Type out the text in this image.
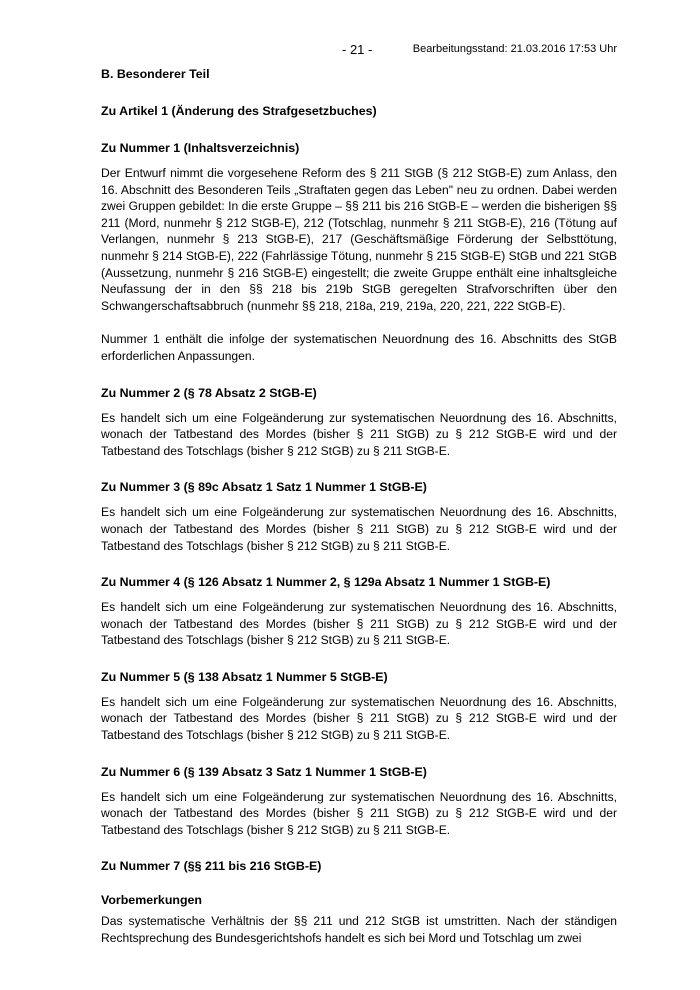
- 21 -	Bearbeitungsstand: 21.03.2016 17:53 Uhr
B. Besonderer Teil
Zu Artikel 1 (Änderung des Strafgesetzbuches)
Zu Nummer 1 (Inhaltsverzeichnis)

Der Entwurf nimmt die vorgesehene Reform des § 211 StGB (§ 212 StGB-E) zum Anlass, den 16. Abschnitt des Besonderen Teils „Straftaten gegen das Leben" neu zu ordnen. Dabei werden zwei Gruppen gebildet: In die erste Gruppe – §§ 211 bis 216 StGB-E – werden die bisherigen §§ 211 (Mord, nunmehr § 212 StGB-E), 212 (Totschlag, nunmehr § 211 StGB-E), 216 (Tötung auf Verlangen, nunmehr § 213 StGB-E), 217 (Geschäftsmäßige Förderung der Selbsttötung, nunmehr § 214 StGB-E), 222 (Fahrlässige Tötung, nunmehr § 215 StGB-E) StGB und 221 StGB (Aussetzung, nunmehr § 216 StGB-E) eingestellt; die zweite Gruppe enthält eine inhaltsgleiche Neufassung der in den §§ 218 bis 219b StGB geregelten Strafvorschriften über den Schwangerschaftsabbruch (nunmehr §§ 218, 218a, 219, 219a, 220, 221, 222 StGB-E).

Nummer 1 enthält die infolge der systematischen Neuordnung des 16. Abschnitts des StGB erforderlichen Anpassungen.

Zu Nummer 2 (§ 78 Absatz 2 StGB-E)

Es handelt sich um eine Folgeänderung zur systematischen Neuordnung des 16. Abschnitts, wonach der Tatbestand des Mordes (bisher § 211 StGB) zu § 212 StGB-E wird und der Tatbestand des Totschlags (bisher § 212 StGB) zu § 211 StGB-E.

Zu Nummer 3 (§ 89c Absatz 1 Satz 1 Nummer 1 StGB-E)

Es handelt sich um eine Folgeänderung zur systematischen Neuordnung des 16. Abschnitts, wonach der Tatbestand des Mordes (bisher § 211 StGB) zu § 212 StGB-E wird und der Tatbestand des Totschlags (bisher § 212 StGB) zu § 211 StGB-E.

Zu Nummer 4 (§ 126 Absatz 1 Nummer 2, § 129a Absatz 1 Nummer 1 StGB-E)

Es handelt sich um eine Folgeänderung zur systematischen Neuordnung des 16. Abschnitts, wonach der Tatbestand des Mordes (bisher § 211 StGB) zu § 212 StGB-E wird und der Tatbestand des Totschlags (bisher § 212 StGB) zu § 211 StGB-E.

Zu Nummer 5 (§ 138 Absatz 1 Nummer 5 StGB-E)

Es handelt sich um eine Folgeänderung zur systematischen Neuordnung des 16. Abschnitts, wonach der Tatbestand des Mordes (bisher § 211 StGB) zu § 212 StGB-E wird und der Tatbestand des Totschlags (bisher § 212 StGB) zu § 211 StGB-E.

Zu Nummer 6 (§ 139 Absatz 3 Satz 1 Nummer 1 StGB-E)

Es handelt sich um eine Folgeänderung zur systematischen Neuordnung des 16. Abschnitts, wonach der Tatbestand des Mordes (bisher § 211 StGB) zu § 212 StGB-E wird und der Tatbestand des Totschlags (bisher § 212 StGB) zu § 211 StGB-E.

Zu Nummer 7 (§§ 211 bis 216 StGB-E)
Vorbemerkungen

Das systematische Verhältnis der §§ 211 und 212 StGB ist umstritten. Nach der ständigen Rechtsprechung des Bundesgerichtshofs handelt es sich bei Mord und Totschlag um zwei
